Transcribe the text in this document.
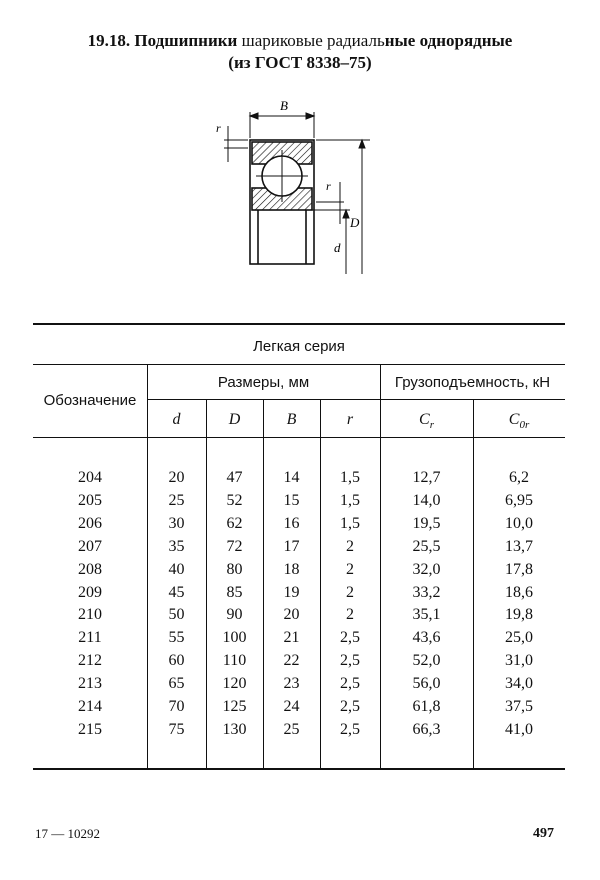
19.18. Подшипники шариковые радиальные однорядные
(из ГОСТ 8338–75)
B
r
r
d
D
Легкая серия
Обозначение
Размеры, мм	Грузоподъемность, кН
d	D	B	r	$C_r$	$C_{0r}$
204	20	47	14	1,5	12,7	6,2
205	25	52	15	1,5	14,0	6,95
206	30	62	16	1,5	19,5	10,0
207	35	72	17	2	25,5	13,7
208	40	80	18	2	32,0	17,8
209	45	85	19	2	33,2	18,6
210	50	90	20	2	35,1	19,8
211	55	100	21	2,5	43,6	25,0
212	60	110	22	2,5	52,0	31,0
213	65	120	23	2,5	56,0	34,0
214	70	125	24	2,5	61,8	37,5
215	75	130	25	2,5	66,3	41,0
17 — 10292	497
